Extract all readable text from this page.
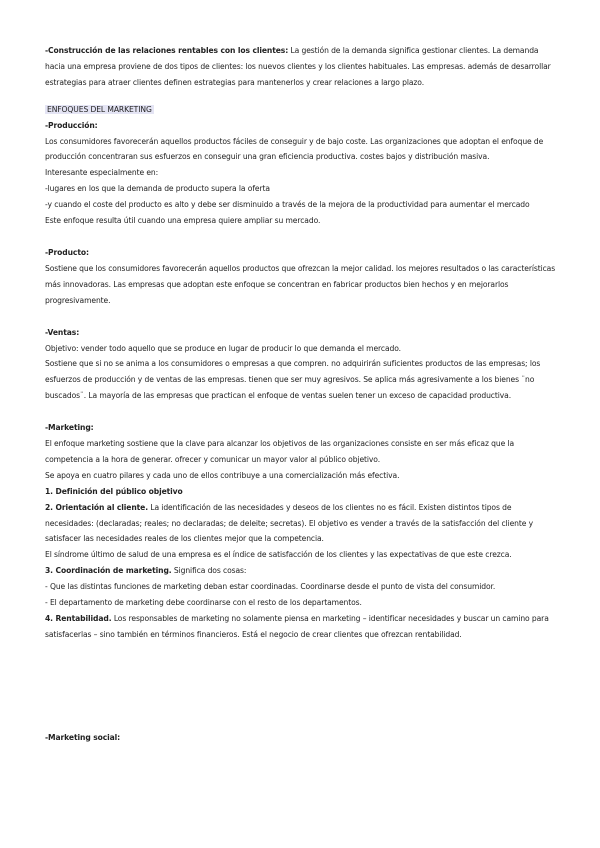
-Construcción de las relaciones rentables con los clientes: La gestión de la demanda significa gestionar clientes. La demanda hacia una empresa proviene de dos tipos de clientes: los nuevos clientes y los clientes habituales. Las empresas. además de desarrollar estrategias para atraer clientes definen estrategias para mantenerlos y crear relaciones a largo plazo.

ENFOQUES DEL MARKETING

-Producción:

Los consumidores favorecerán aquellos productos fáciles de conseguir y de bajo coste. Las organizaciones que adoptan el enfoque de producción concentraran sus esfuerzos en conseguir una gran eficiencia productiva. costes bajos y distribución masiva.

Interesante especialmente en:

-lugares en los que la demanda de producto supera la oferta

-y cuando el coste del producto es alto y debe ser disminuido a través de la mejora de la productividad para aumentar el mercado

Este enfoque resulta útil cuando una empresa quiere ampliar su mercado.

-Producto:

Sostiene que los consumidores favorecerán aquellos productos que ofrezcan la mejor calidad. los mejores resultados o las características más innovadoras. Las empresas que adoptan este enfoque se concentran en fabricar productos bien hechos y en mejorarlos progresivamente.

-Ventas:

Objetivo: vender todo aquello que se produce en lugar de producir lo que demanda el mercado.

Sostiene que si no se anima a los consumidores o empresas a que compren. no adquirirán suficientes productos de las empresas; los esfuerzos de producción y de ventas de las empresas. tienen que ser muy agresivos. Se aplica más agresivamente a los bienes ¨no buscados¨. La mayoría de las empresas que practican el enfoque de ventas suelen tener un exceso de capacidad productiva.

-Marketing:

El enfoque marketing sostiene que la clave para alcanzar los objetivos de las organizaciones consiste en ser más eficaz que la competencia a la hora de generar. ofrecer y comunicar un mayor valor al público objetivo.

Se apoya en cuatro pilares y cada uno de ellos contribuye a una comercialización más efectiva.

1. Definición del público objetivo

2. Orientación al cliente. La identificación de las necesidades y deseos de los clientes no es fácil. Existen distintos tipos de necesidades: (declaradas; reales; no declaradas; de deleite; secretas). El objetivo es vender a través de la satisfacción del cliente y satisfacer las necesidades reales de los clientes mejor que la competencia.

El síndrome último de salud de una empresa es el índice de satisfacción de los clientes y las expectativas de que este crezca.

3. Coordinación de marketing. Significa dos cosas:

- Que las distintas funciones de marketing deban estar coordinadas. Coordinarse desde el punto de vista del consumidor.

- El departamento de marketing debe coordinarse con el resto de los departamentos.

4. Rentabilidad. Los responsables de marketing no solamente piensa en marketing – identificar necesidades y buscar un camino para satisfacerlas – sino también en términos financieros. Está el negocio de crear clientes que ofrezcan rentabilidad.

-Marketing social:
